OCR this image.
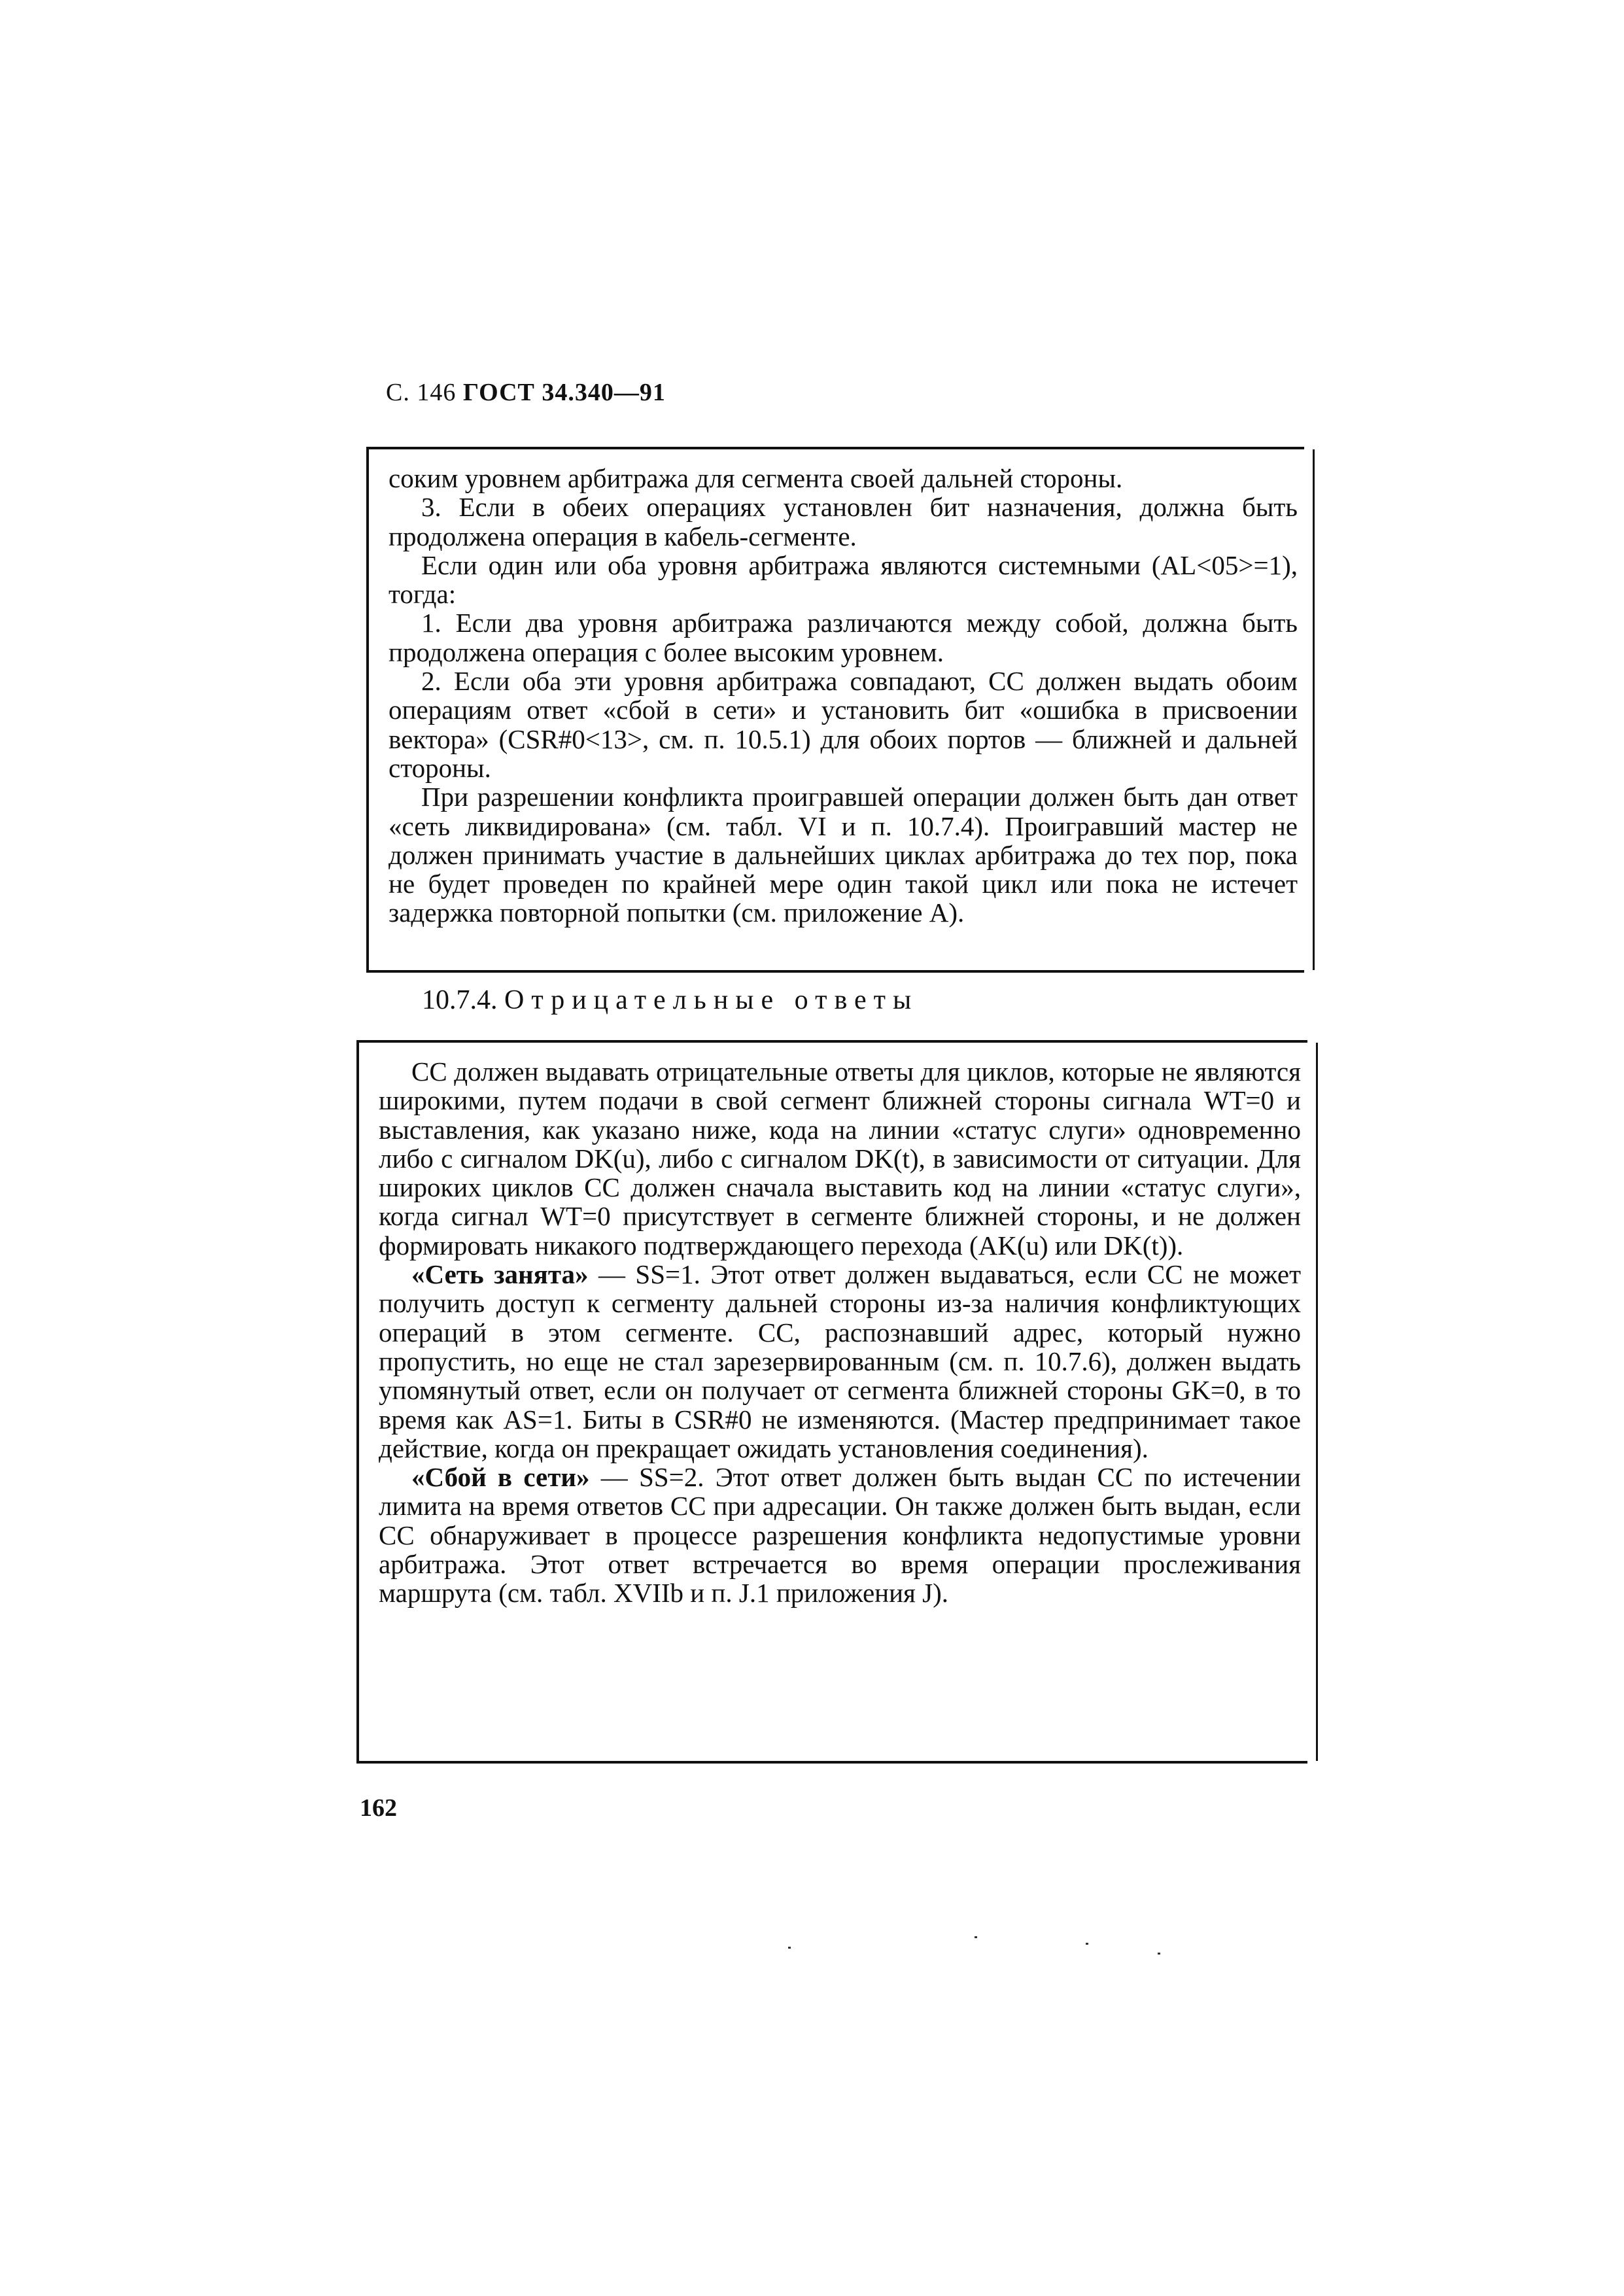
С. 146 ГОСТ 34.340—91

соким уровнем арбитража для сегмента своей дальней стороны.

3. Если в обеих операциях установлен бит назначения, должна быть продолжена операция в кабель-сегменте.

Если один или оба уровня арбитража являются системными (AL<05>=1), тогда:

1. Если два уровня арбитража различаются между собой, должна быть продолжена операция с более высоким уровнем.

2. Если оба эти уровня арбитража совпадают, СС должен выдать обоим операциям ответ «сбой в сети» и установить бит «ошибка в присвоении вектора» (CSR#0<13>, см. п. 10.5.1) для обоих портов — ближней и дальней стороны.

При разрешении конфликта проигравшей операции должен быть дан ответ «сеть ликвидирована» (см. табл. VI и п. 10.7.4). Проигравший мастер не должен принимать участие в дальнейших циклах арбитража до тех пор, пока не будет проведен по крайней мере один такой цикл или пока не истечет задержка повторной попытки (см. приложение А).

10.7.4. Отрицательные ответы

СС должен выдавать отрицательные ответы для циклов, которые не являются широкими, путем подачи в свой сегмент ближней стороны сигнала WT=0 и выставления, как указано ниже, кода на линии «статус слуги» одновременно либо с сигналом DK(u), либо с сигналом DK(t), в зависимости от ситуации. Для широких циклов СС должен сначала выставить код на линии «статус слуги», когда сигнал WT=0 присутствует в сегменте ближней стороны, и не должен формировать никакого подтверждающего перехода (AK(u) или DK(t)).

«Сеть занята» — SS=1. Этот ответ должен выдаваться, если СС не может получить доступ к сегменту дальней стороны из-за наличия конфликтующих операций в этом сегменте. СС, распознавший адрес, который нужно пропустить, но еще не стал зарезервированным (см. п. 10.7.6), должен выдать упомянутый ответ, если он получает от сегмента ближней стороны GK=0, в то время как AS=1. Биты в CSR#0 не изменяются. (Мастер предпринимает такое действие, когда он прекращает ожидать установления соединения).

«Сбой в сети» — SS=2. Этот ответ должен быть выдан СС по истечении лимита на время ответов СС при адресации. Он также должен быть выдан, если СС обнаруживает в процессе разрешения конфликта недопустимые уровни арбитража. Этот ответ встречается во время операции прослеживания маршрута (см. табл. XVIIb и п. J.1 приложения J).

162
